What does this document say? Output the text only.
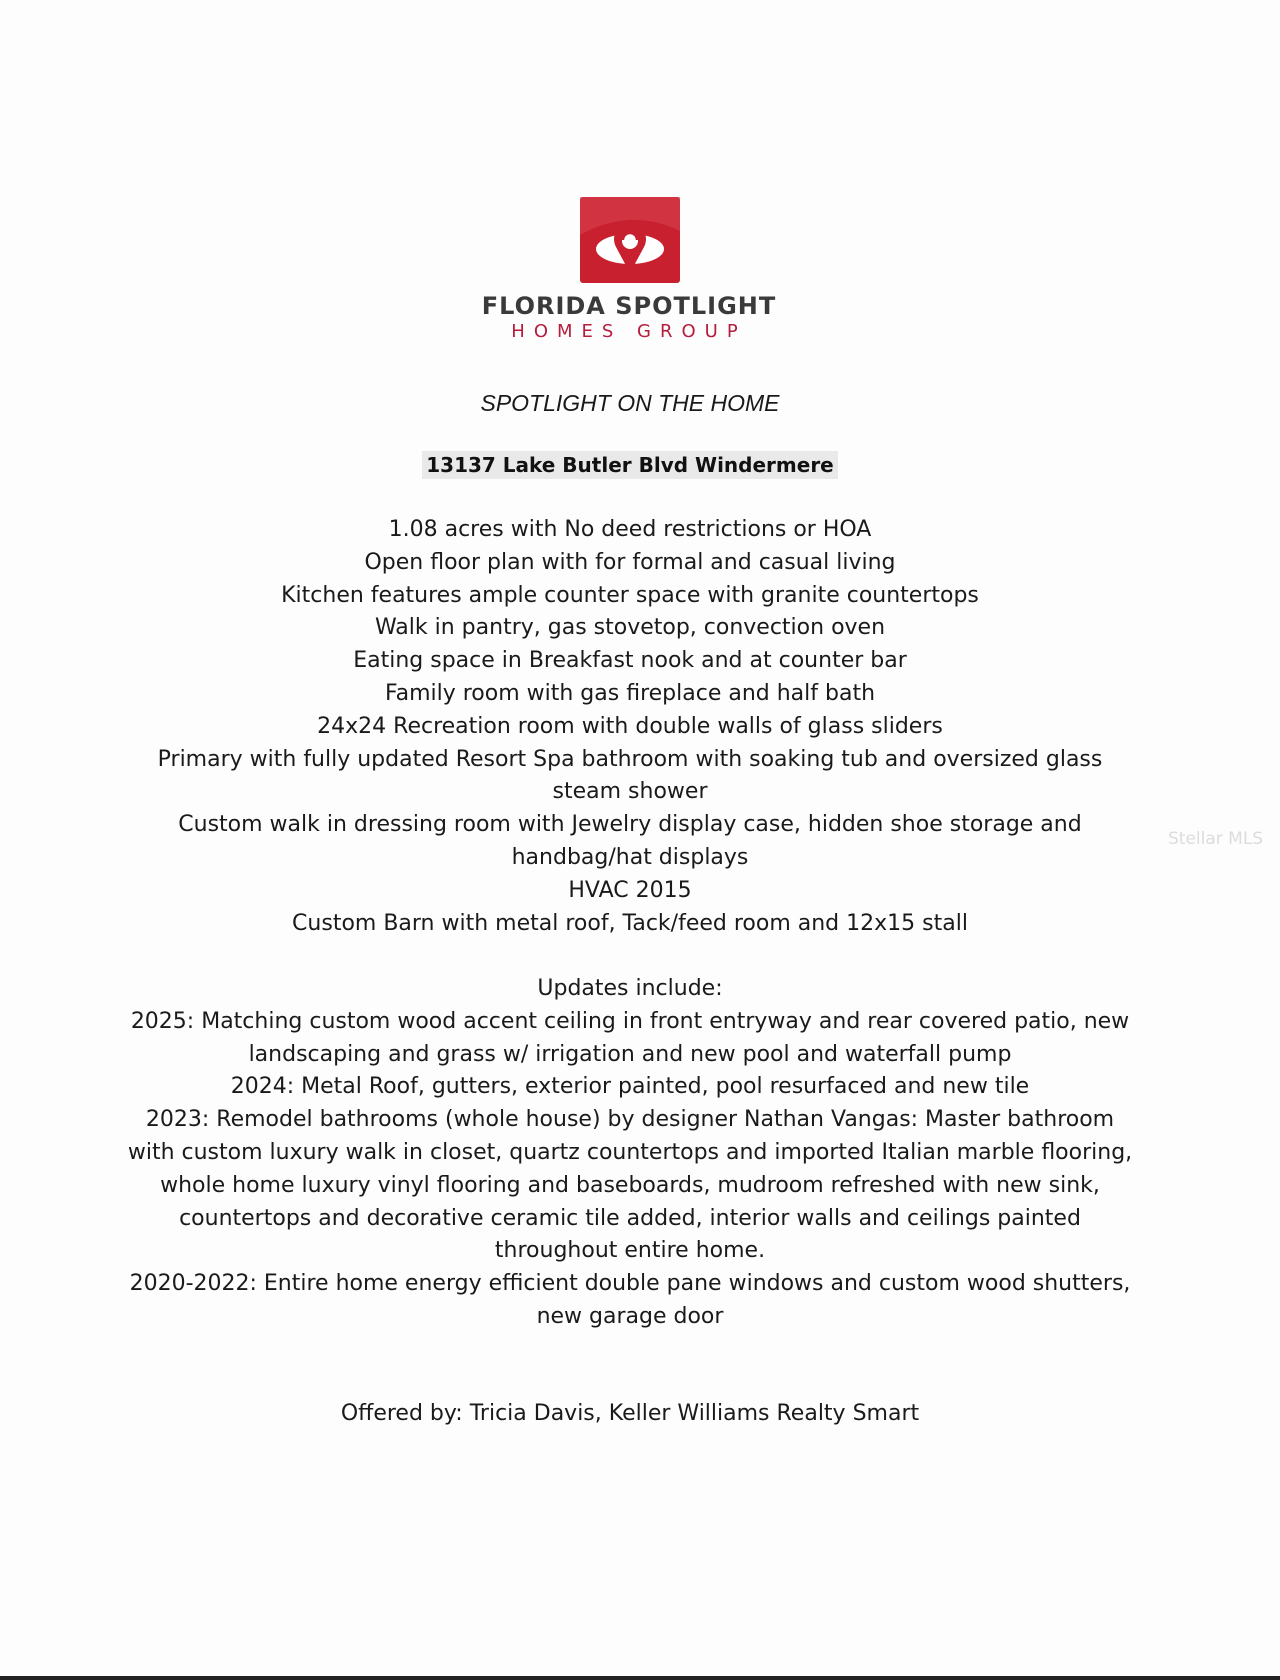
FLORIDA SPOTLIGHT
HOMES GROUP
SPOTLIGHT ON THE HOME
13137 Lake Butler Blvd Windermere
1.08 acres with No deed restrictions or HOA
Open floor plan with for formal and casual living
Kitchen features ample counter space with granite countertops
Walk in pantry, gas stovetop, convection oven
Eating space in Breakfast nook and at counter bar
Family room with gas fireplace and half bath
24x24 Recreation room with double walls of glass sliders
Primary with fully updated Resort Spa bathroom with soaking tub and oversized glass steam shower
Custom walk in dressing room with Jewelry display case, hidden shoe storage and handbag/hat displays
HVAC 2015
Custom Barn with metal roof, Tack/feed room and 12x15 stall
Updates include:
2025: Matching custom wood accent ceiling in front entryway and rear covered patio, new landscaping and grass w/ irrigation and new pool and waterfall pump
2024: Metal Roof, gutters, exterior painted, pool resurfaced and new tile
2023: Remodel bathrooms (whole house) by designer Nathan Vangas: Master bathroom with custom luxury walk in closet, quartz countertops and imported Italian marble flooring, whole home luxury vinyl flooring and baseboards, mudroom refreshed with new sink, countertops and decorative ceramic tile added, interior walls and ceilings painted throughout entire home.
2020-2022: Entire home energy efficient double pane windows and custom wood shutters, new garage door
Offered by: Tricia Davis, Keller Williams Realty Smart
Stellar MLS
